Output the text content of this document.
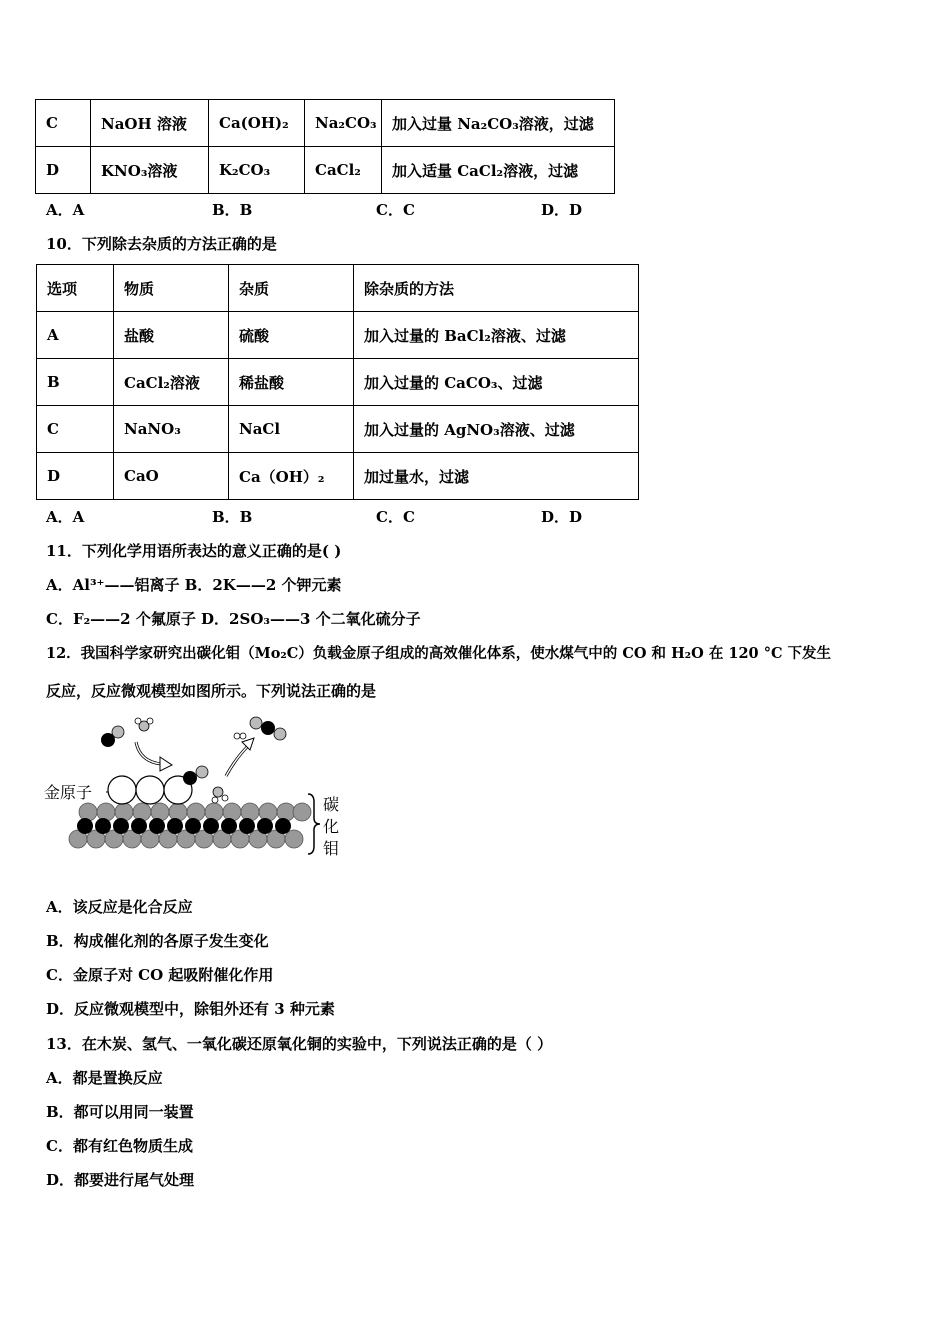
C	NaOH 溶液	Ca(OH)₂	Na₂CO₃	加入过量 Na₂CO₃溶液，过滤
D	KNO₃溶液	K₂CO₃	CaCl₂	加入适量 CaCl₂溶液，过滤
A．A	B．B	C．C	D．D
10．下列除去杂质的方法正确的是
选项	物质	杂质	除杂质的方法
A	盐酸	硫酸	加入过量的 BaCl₂溶液、过滤
B	CaCl₂溶液	稀盐酸	加入过量的 CaCO₃、过滤
C	NaNO₃	NaCl	加入过量的 AgNO₃溶液、过滤
D	CaO	Ca（OH）₂	加过量水，过滤
A．A	B．B	C．C	D．D
11．下列化学用语所表达的意义正确的是( )
A．Al³⁺——铝离子 B．2K——2 个钾元素
C．F₂——2 个氟原子 D．2SO₃——3 个二氧化硫分子
12．我国科学家研究出碳化钼（Mo₂C）负载金原子组成的高效催化体系，使水煤气中的 CO 和 H₂O 在 120 °C 下发生
反应，反应微观模型如图所示。下列说法正确的是
金原子
碳
化
钼
A．该反应是化合反应
B．构成催化剂的各原子发生变化
C．金原子对 CO 起吸附催化作用
D．反应微观模型中，除钼外还有 3 种元素
13．在木炭、氢气、一氧化碳还原氧化铜的实验中，下列说法正确的是（ ）
A．都是置换反应
B．都可以用同一装置
C．都有红色物质生成
D．都要进行尾气处理
